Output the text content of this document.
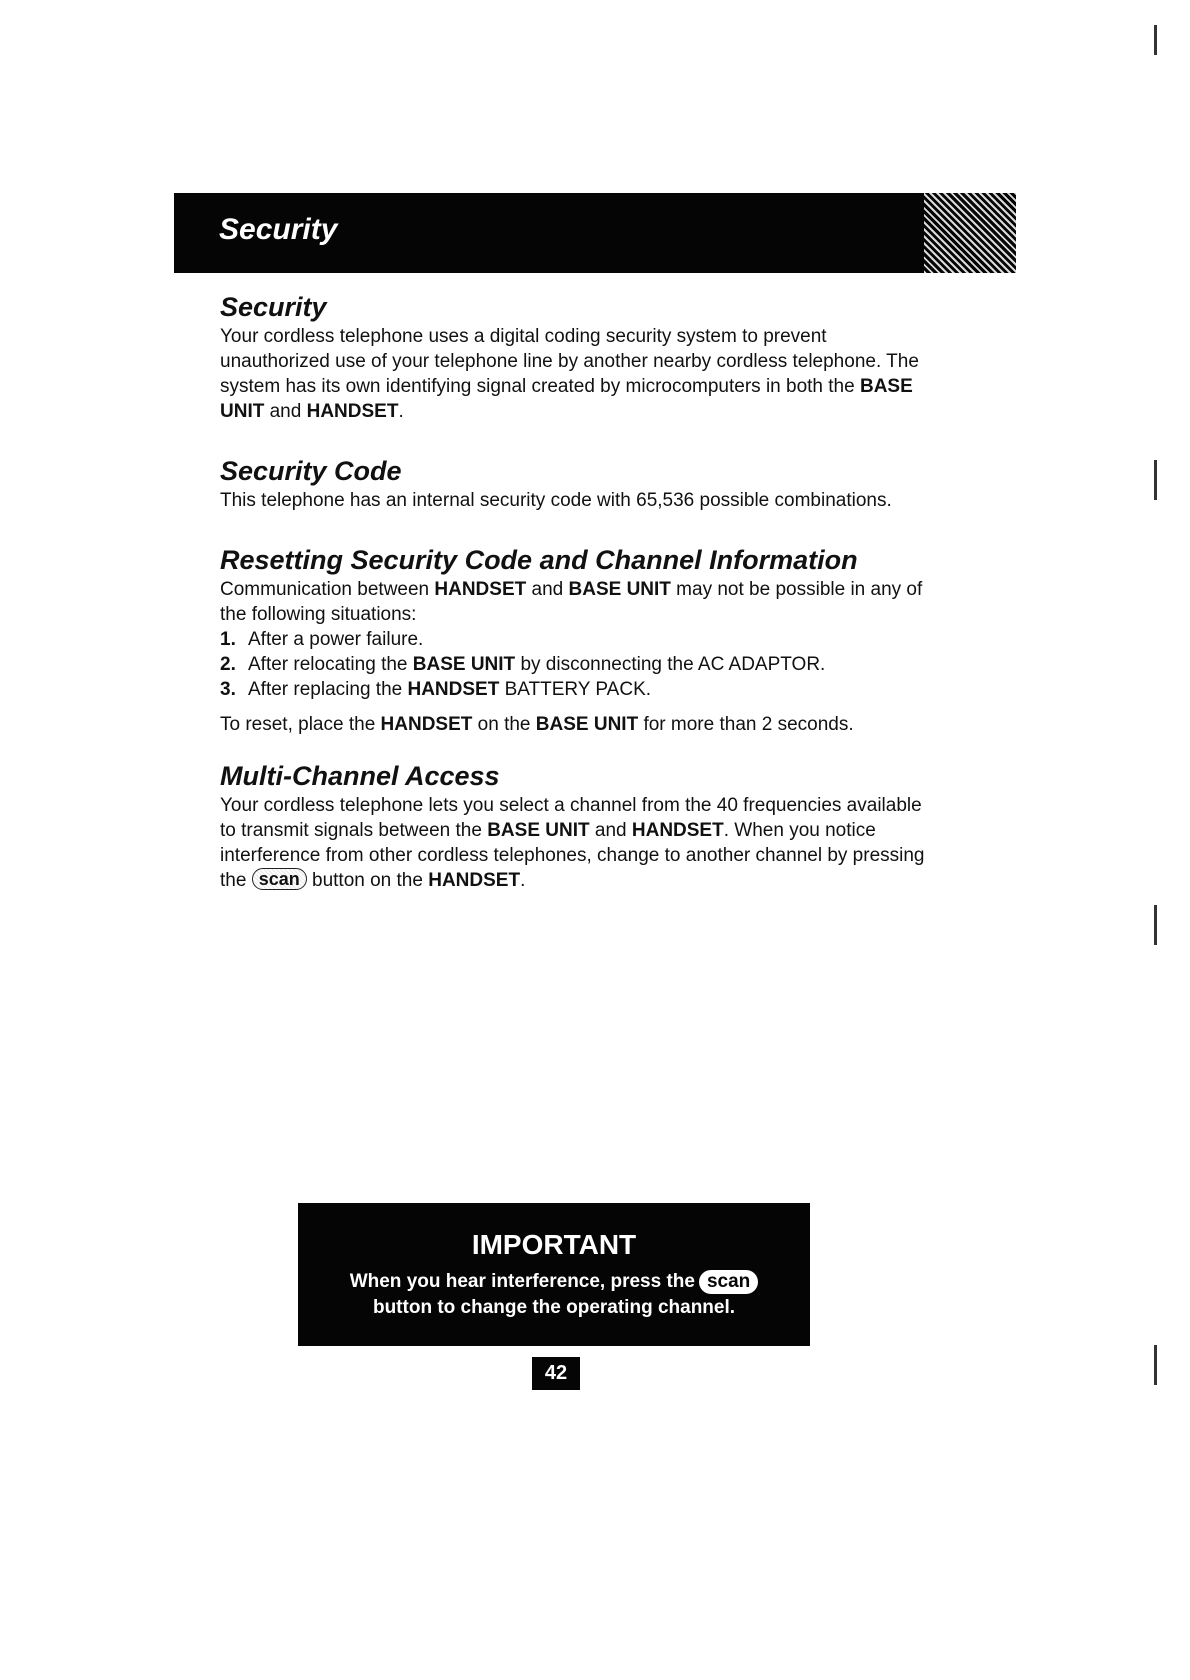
Security
Security

Your cordless telephone uses a digital coding security system to prevent unauthorized use of your telephone line by another nearby cordless telephone. The system has its own identifying signal created by microcomputers in both the BASE UNIT and HANDSET.

Security Code

This telephone has an internal security code with 65,536 possible combinations.

Resetting Security Code and Channel Information

Communication between HANDSET and BASE UNIT may not be possible in any of the following situations:

1. After a power failure.
2. After relocating the BASE UNIT by disconnecting the AC ADAPTOR.
3. After replacing the HANDSET BATTERY PACK.

To reset, place the HANDSET on the BASE UNIT for more than 2 seconds.

Multi-Channel Access

Your cordless telephone lets you select a channel from the 40 frequencies available to transmit signals between the BASE UNIT and HANDSET. When you notice interference from other cordless telephones, change to another channel by pressing the scan button on the HANDSET.

IMPORTANT
When you hear interference, press the scan
button to change the operating channel.
42
